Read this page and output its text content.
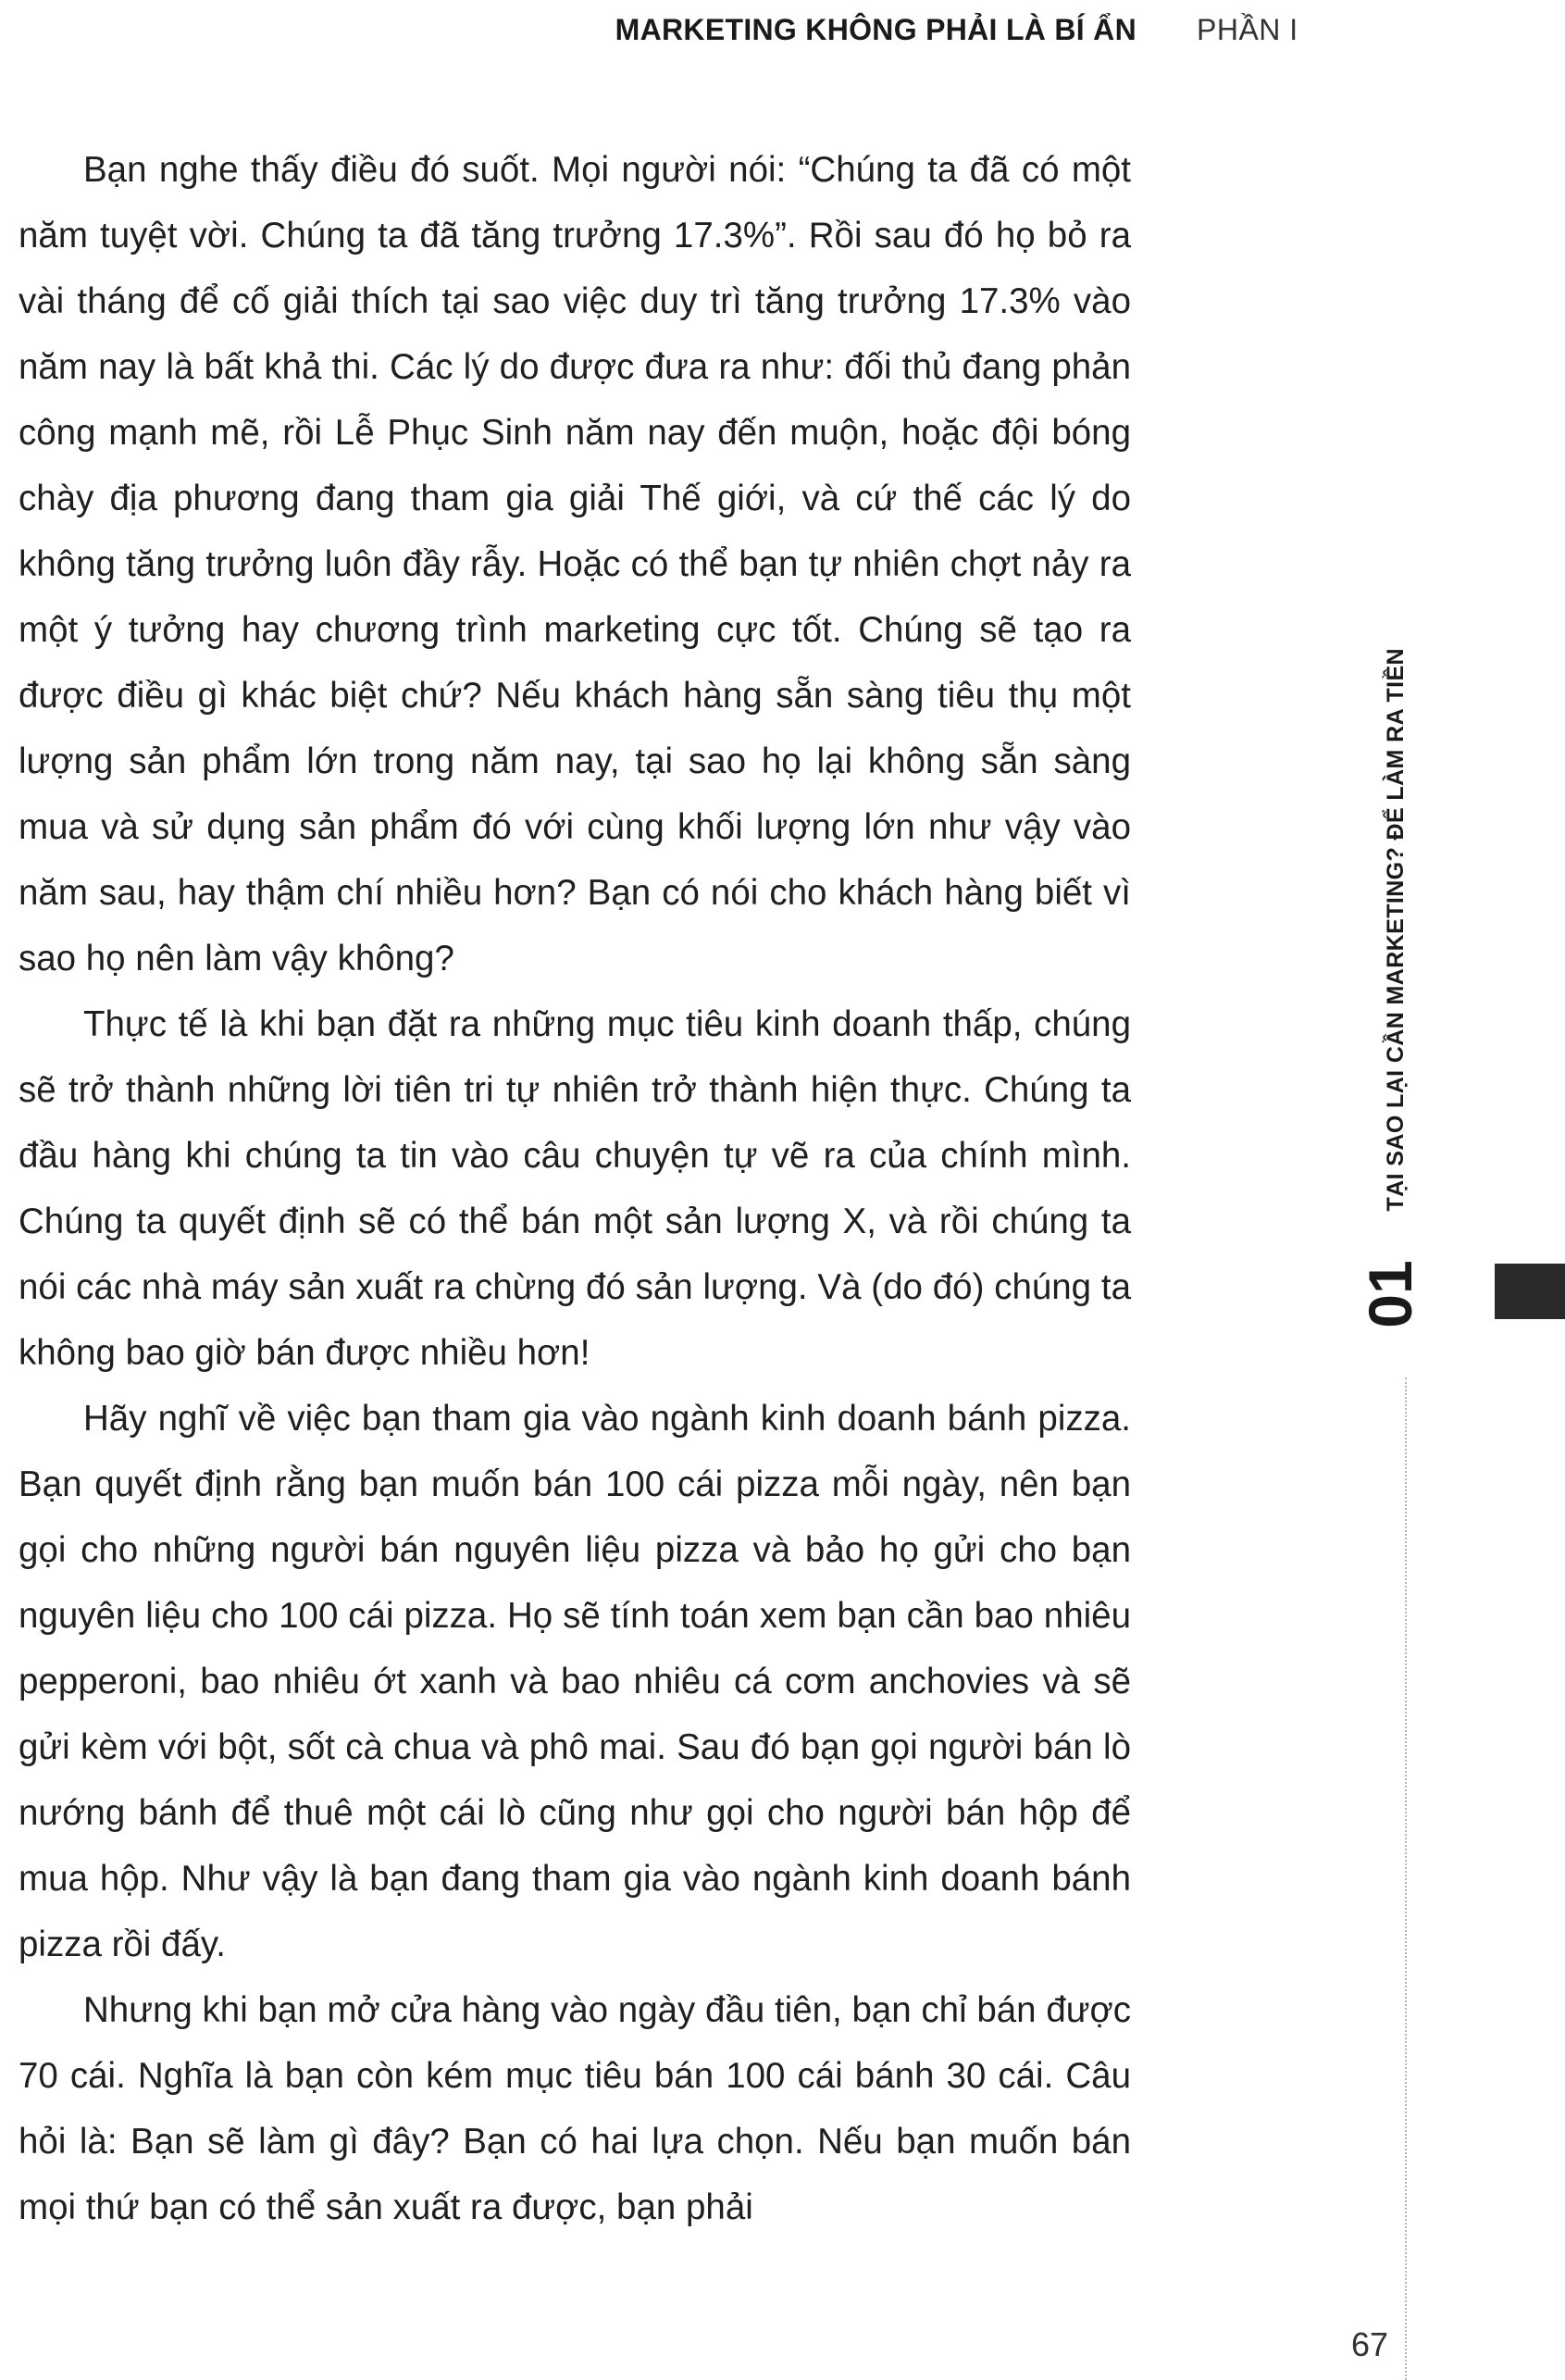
MARKETING KHÔNG PHẢI LÀ BÍ ẨN PHẦN I

Bạn nghe thấy điều đó suốt. Mọi người nói: “Chúng ta đã có một năm tuyệt vời. Chúng ta đã tăng trưởng 17.3%”. Rồi sau đó họ bỏ ra vài tháng để cố giải thích tại sao việc duy trì tăng trưởng 17.3% vào năm nay là bất khả thi. Các lý do được đưa ra như: đối thủ đang phản công mạnh mẽ, rồi Lễ Phục Sinh năm nay đến muộn, hoặc đội bóng chày địa phương đang tham gia giải Thế giới, và cứ thế các lý do không tăng trưởng luôn đầy rẫy. Hoặc có thể bạn tự nhiên chợt nảy ra một ý tưởng hay chương trình marketing cực tốt. Chúng sẽ tạo ra được điều gì khác biệt chứ? Nếu khách hàng sẵn sàng tiêu thụ một lượng sản phẩm lớn trong năm nay, tại sao họ lại không sẵn sàng mua và sử dụng sản phẩm đó với cùng khối lượng lớn như vậy vào năm sau, hay thậm chí nhiều hơn? Bạn có nói cho khách hàng biết vì sao họ nên làm vậy không?

Thực tế là khi bạn đặt ra những mục tiêu kinh doanh thấp, chúng sẽ trở thành những lời tiên tri tự nhiên trở thành hiện thực. Chúng ta đầu hàng khi chúng ta tin vào câu chuyện tự vẽ ra của chính mình. Chúng ta quyết định sẽ có thể bán một sản lượng X, và rồi chúng ta nói các nhà máy sản xuất ra chừng đó sản lượng. Và (do đó) chúng ta không bao giờ bán được nhiều hơn!

Hãy nghĩ về việc bạn tham gia vào ngành kinh doanh bánh pizza. Bạn quyết định rằng bạn muốn bán 100 cái pizza mỗi ngày, nên bạn gọi cho những người bán nguyên liệu pizza và bảo họ gửi cho bạn nguyên liệu cho 100 cái pizza. Họ sẽ tính toán xem bạn cần bao nhiêu pepperoni, bao nhiêu ớt xanh và bao nhiêu cá cơm anchovies và sẽ gửi kèm với bột, sốt cà chua và phô mai. Sau đó bạn gọi người bán lò nướng bánh để thuê một cái lò cũng như gọi cho người bán hộp để mua hộp. Như vậy là bạn đang tham gia vào ngành kinh doanh bánh pizza rồi đấy.

Nhưng khi bạn mở cửa hàng vào ngày đầu tiên, bạn chỉ bán được 70 cái. Nghĩa là bạn còn kém mục tiêu bán 100 cái bánh 30 cái. Câu hỏi là: Bạn sẽ làm gì đây? Bạn có hai lựa chọn. Nếu bạn muốn bán mọi thứ bạn có thể sản xuất ra được, bạn phải

TẠI SAO LẠI CẦN MARKETING? ĐỂ LÀM RA TIỀN
01
67
